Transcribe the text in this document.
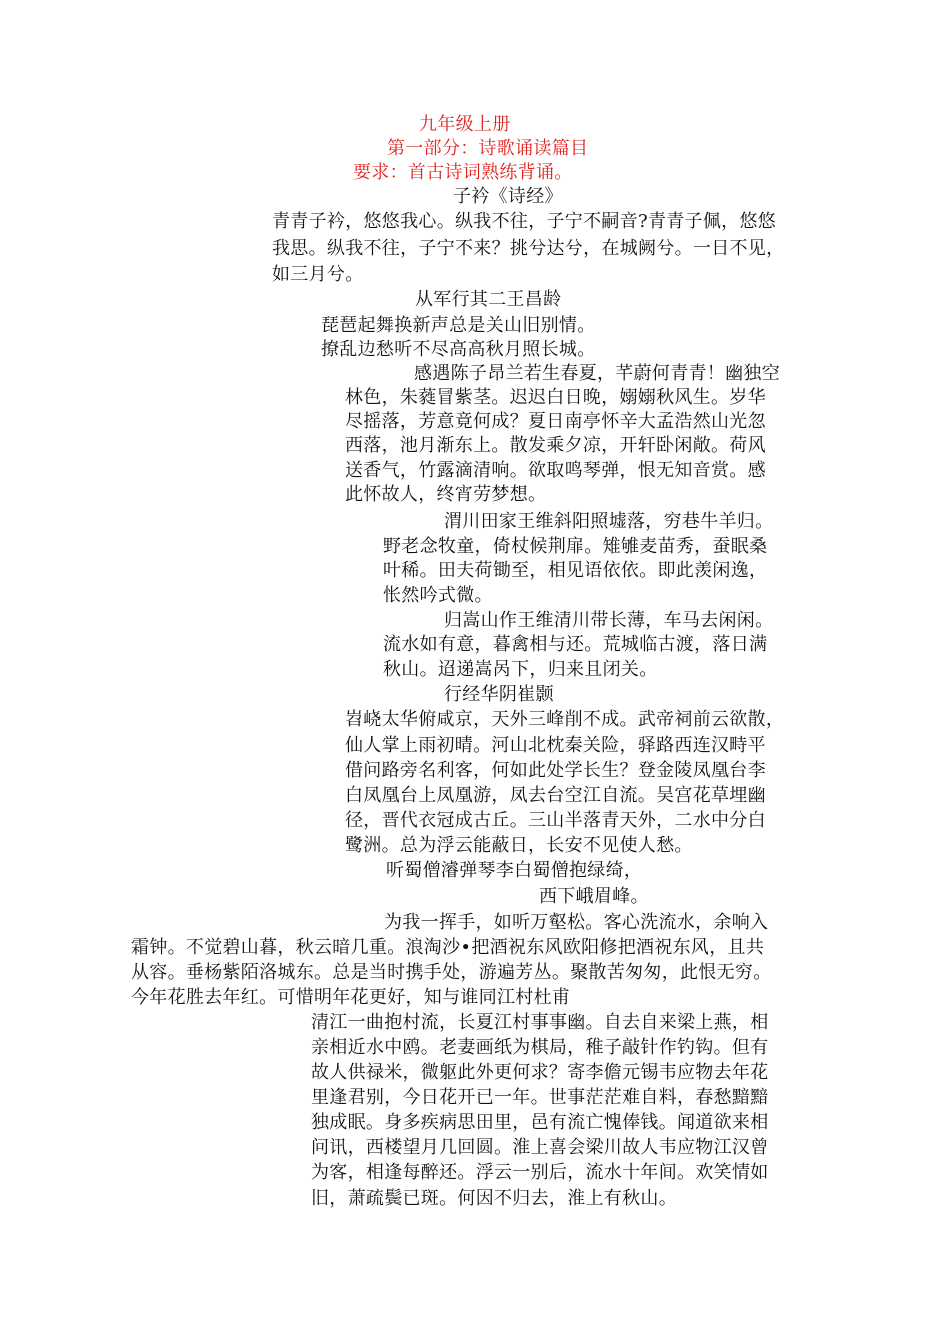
九年级上册
第一部分：诗歌诵读篇目
要求：首古诗词熟练背诵。
子衿《诗经》
青青子衿，悠悠我心。纵我不往，子宁不嗣音?青青子佩，悠悠
我思。纵我不往，子宁不来？挑兮达兮，在城阙兮。一日不见，
如三月兮。
从军行其二王昌龄
琵琶起舞换新声总是关山旧别情。
撩乱边愁听不尽高高秋月照长城。
感遇陈子昂兰若生春夏，芊蔚何青青！幽独空
林色，朱蕤冒紫茎。迟迟白日晚，嫋嫋秋风生。岁华
尽摇落，芳意竟何成？夏日南亭怀辛大孟浩然山光忽
西落，池月渐东上。散发乘夕凉，开轩卧闲敞。荷风
送香气，竹露滴清响。欲取鸣琴弹，恨无知音赏。感
此怀故人，终宵劳梦想。
渭川田家王维斜阳照墟落，穷巷牛羊归。
野老念牧童，倚杖候荆扉。雉雊麦苗秀，蚕眠桑
叶稀。田夫荷锄至，相见语依依。即此羡闲逸，
怅然吟式微。
归嵩山作王维清川带长薄，车马去闲闲。
流水如有意，暮禽相与还。荒城临古渡，落日满
秋山。迢递嵩呙下，归来且闭关。
行经华阴崔颢
岧峣太华俯咸京，天外三峰削不成。武帝祠前云欲散，
仙人掌上雨初晴。河山北枕秦关险，驿路西连汉畤平
借问路旁名利客，何如此处学长生？登金陵凤凰台李
白凤凰台上凤凰游，凤去台空江自流。吴宫花草埋幽
径，晋代衣冠成古丘。三山半落青天外，二水中分白
鹭洲。总为浮云能蔽日，长安不见使人愁。
听蜀僧濬弹琴李白蜀僧抱绿绮，
西下峨眉峰。
为我一挥手，如听万壑松。客心洗流水，余响入
霜钟。不觉碧山暮，秋云暗几重。浪淘沙•把酒祝东风欧阳修把酒祝东风，且共
从容。垂杨紫陌洛城东。总是当时携手处，游遍芳丛。聚散苦匆匆，此恨无穷。
今年花胜去年红。可惜明年花更好，知与谁同江村杜甫
清江一曲抱村流，长夏江村事事幽。自去自来梁上燕，相
亲相近水中鸥。老妻画纸为棋局，稚子敲针作钓钩。但有
故人供禄米，微躯此外更何求？寄李儋元锡韦应物去年花
里逢君别，今日花开已一年。世事茫茫难自料，春愁黯黯
独成眠。身多疾病思田里，邑有流亡愧俸钱。闻道欲来相
问讯，西楼望月几回圆。淮上喜会梁川故人韦应物江汉曾
为客，相逢每醉还。浮云一别后，流水十年间。欢笑情如
旧，萧疏鬓已斑。何因不归去，淮上有秋山。
